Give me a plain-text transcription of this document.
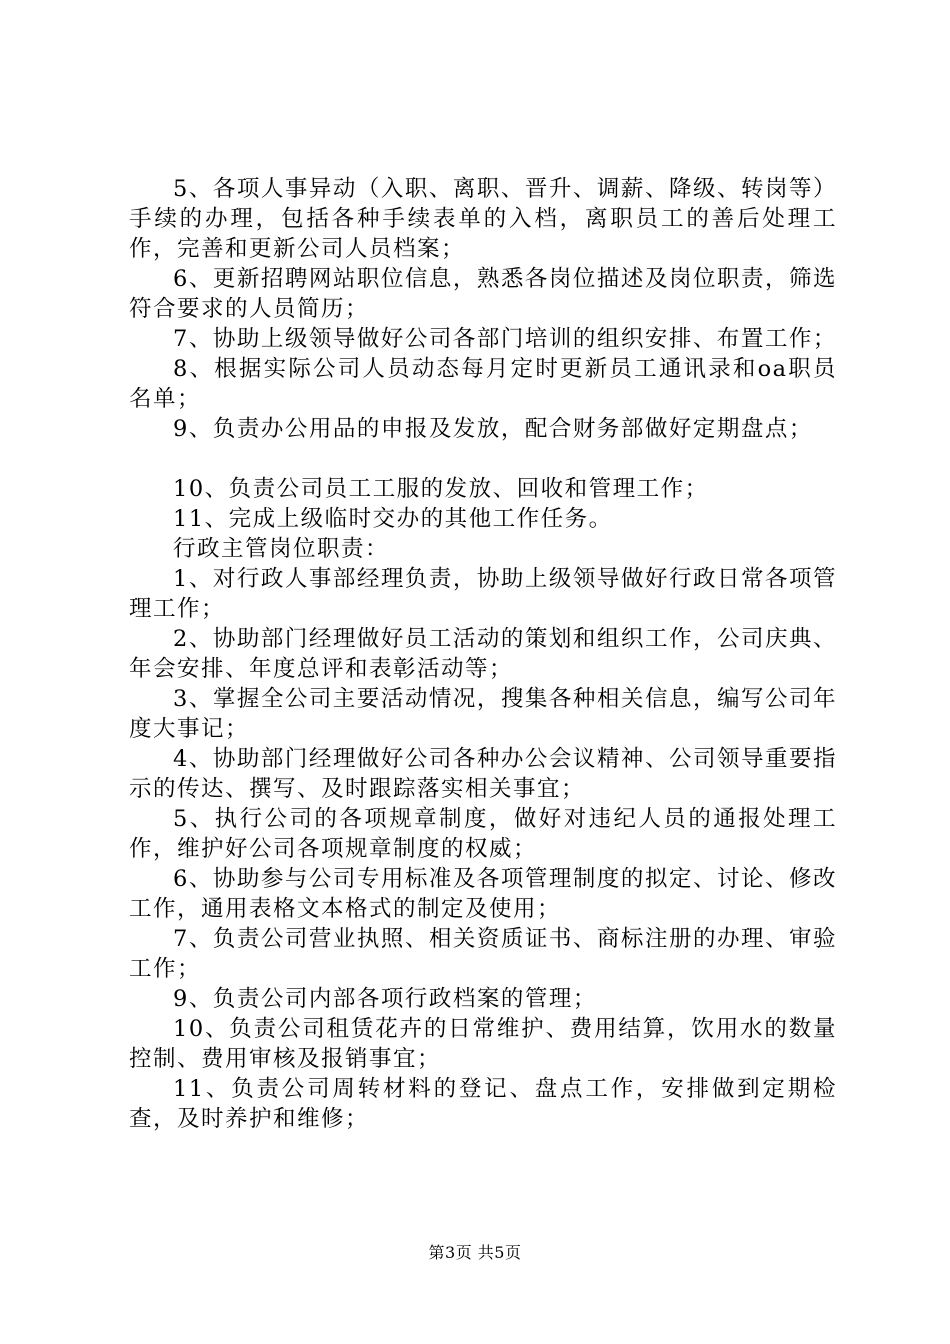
5、各项人事异动（入职、离职、晋升、调薪、降级、转岗等）手续的办理，包括各种手续表单的入档，离职员工的善后处理工作，完善和更新公司人员档案；

6、更新招聘网站职位信息，熟悉各岗位描述及岗位职责，筛选符合要求的人员简历；

7、协助上级领导做好公司各部门培训的组织安排、布置工作；

8、根据实际公司人员动态每月定时更新员工通讯录和oa职员名单；

9、负责办公用品的申报及发放，配合财务部做好定期盘点；

10、负责公司员工工服的发放、回收和管理工作；

11、完成上级临时交办的其他工作任务。

行政主管岗位职责：

1、对行政人事部经理负责，协助上级领导做好行政日常各项管理工作；

2、协助部门经理做好员工活动的策划和组织工作，公司庆典、年会安排、年度总评和表彰活动等；

3、掌握全公司主要活动情况，搜集各种相关信息，编写公司年度大事记；

4、协助部门经理做好公司各种办公会议精神、公司领导重要指示的传达、撰写、及时跟踪落实相关事宜；

5、执行公司的各项规章制度，做好对违纪人员的通报处理工作，维护好公司各项规章制度的权威；

6、协助参与公司专用标准及各项管理制度的拟定、讨论、修改工作，通用表格文本格式的制定及使用；

7、负责公司营业执照、相关资质证书、商标注册的办理、审验工作；

9、负责公司内部各项行政档案的管理；

10、负责公司租赁花卉的日常维护、费用结算，饮用水的数量控制、费用审核及报销事宜；

11、负责公司周转材料的登记、盘点工作，安排做到定期检查，及时养护和维修；

第3页 共5页
